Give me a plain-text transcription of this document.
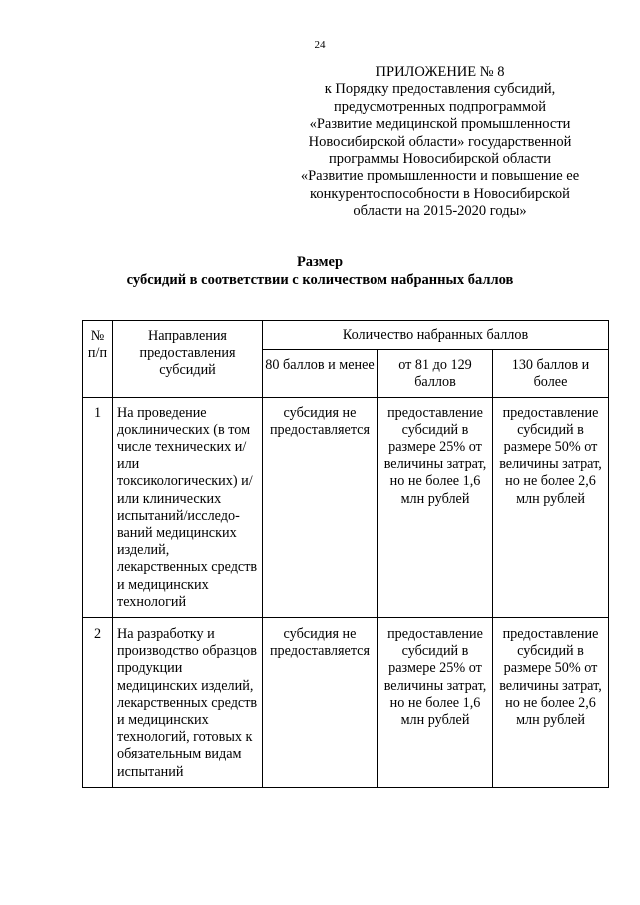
24
ПРИЛОЖЕНИЕ № 8
к Порядку предоставления субсидий,
предусмотренных подпрограммой
«Развитие медицинской промышленности
Новосибирской области» государственной
программы Новосибирской области
«Развитие промышленности и повышение ее
конкурентоспособности в Новосибирской
области на 2015-2020 годы»
Размер
субсидий в соответствии с количеством набранных баллов
№ п/п	Направления предоставления субсидий	Количество набранных баллов		
		80 баллов и менее	от 81 до 129 баллов	130 баллов и более
1	На проведение доклинических (в том числе технических и/или токсикологических) и/или клинических испытаний/исследо-ваний медицинских изделий, лекарственных средств и медицинских технологий	субсидия не предоставляется	предоставление субсидий в размере 25% от величины затрат, но не более 1,6 млн рублей	предоставление субсидий в размере 50% от величины затрат, но не более 2,6 млн рублей
2	На разработку и производство образцов продукции медицинских изделий, лекарственных средств и медицинских технологий, готовых к обязательным видам испытаний	субсидия не предоставляется	предоставление субсидий в размере 25% от величины затрат, но не более 1,6 млн рублей	предоставление субсидий в размере 50% от величины затрат, но не более 2,6 млн рублей
